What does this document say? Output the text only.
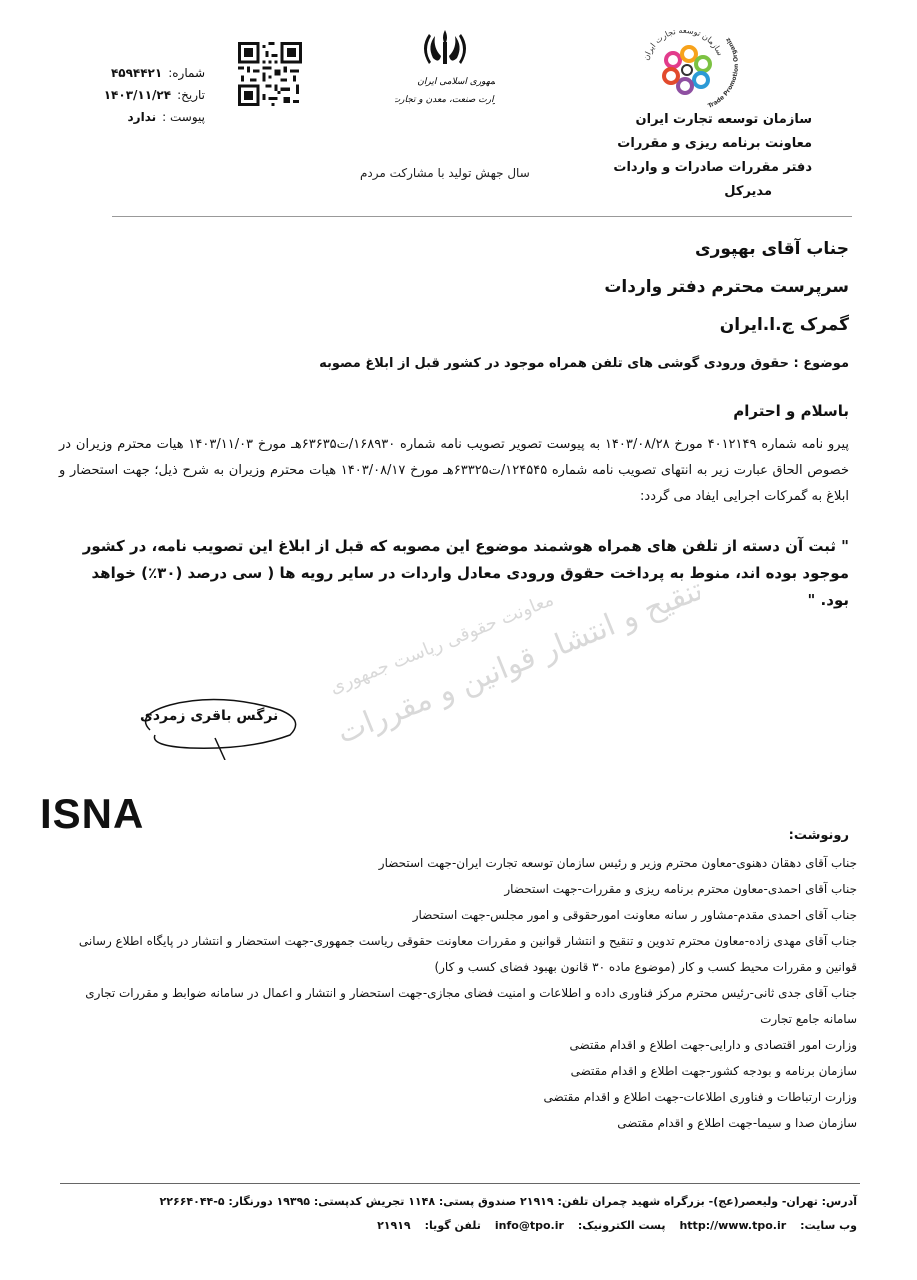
سازمان توسعه تجارت ایران
Trade Promoti rganiz
سازمان توسعه تجارت ایران
معاونت برنامه ریزی و مقررات
دفتر مقررات صادرات و واردات
مدیرکل
جمهوری اسلامی ایران
وزارت صنعت، معدن و تجارت
شماره:
۴۵۹۴۴۲۱
تاریخ:
۱۴۰۳/۱۱/۲۴
پیوست :
ندارد
سال جهش تولید با مشارکت مردم
جناب آقای بهپوری
سرپرست محترم دفتر واردات
گمرک ج.ا.ایران
موضوع : حقوق ورودی گوشی های تلفن همراه موجود در کشور قبل از ابلاغ مصوبه
باسلام و احترام
پیرو نامه شماره ۴۰۱۲۱۴۹ مورخ ۱۴۰۳/۰۸/۲۸ به پیوست تصویر تصویب نامه شماره ۱۶۸۹۳۰/ت۶۳۶۳۵هـ مورخ ۱۴۰۳/۱۱/۰۳ هیات محترم وزیران در خصوص الحاق عبارت زیر به انتهای تصویب نامه شماره ۱۲۴۵۴۵/ت۶۳۳۲۵هـ مورخ ۱۴۰۳/۰۸/۱۷ هیات محترم وزیران به شرح ذیل؛ جهت استحضار و ابلاغ به گمرکات اجرایی ایفاد می گردد:
" ثبت آن دسته از تلفن های همراه هوشمند موضوع این مصوبه که قبل از ابلاغ این تصویب نامه، در کشور موجود بوده اند، منوط به پرداخت حقوق ورودی معادل واردات در سایر رویه ها ( سی درصد (۳۰٪) خواهد بود. "
تنقیح و انتشار قوانین و مقررات
معاونت حقوقی ریاست جمهوری
نرگس باقری زمردی
ISNA	رونوشت:
جناب آقای دهقان دهنوی-معاون محترم وزیر و رئیس سازمان توسعه تجارت ایران-جهت استحضار
جناب آقای احمدی-معاون محترم برنامه ریزی و مقررات-جهت استحضار
جناب آقای احمدی مقدم-مشاور ر سانه معاونت امورحقوقی و امور مجلس-جهت استحضار
جناب آقای مهدی زاده-معاون محترم تدوین و تنقیح و انتشار قوانین و مقررات معاونت حقوقی ریاست جمهوری-جهت استحضار و انتشار در پایگاه اطلاع رسانی قوانین و مقررات محیط کسب و کار (موضوع ماده ۳۰ قانون بهبود فضای کسب و کار)
جناب آقای جدی ثانی-رئیس محترم مرکز فناوری داده و اطلاعات و امنیت فضای مجازی-جهت استحضار و انتشار و اعمال در سامانه ضوابط و مقررات تجاری سامانه جامع تجارت
وزارت امور اقتصادی و دارایی-جهت اطلاع و اقدام مقتضی
سازمان برنامه و بودجه کشور-جهت اطلاع و اقدام مقتضی
وزارت ارتباطات و فناوری اطلاعات-جهت اطلاع و اقدام مقتضی
سازمان صدا و سیما-جهت اطلاع و اقدام مقتضی
آدرس: تهران- ولیعصر(عج)- بزرگراه شهید چمران تلفن: ۲۱۹۱۹ صندوق پستی: ۱۱۴۸ تجریش کدپستی: ۱۹۳۹۵ دورنگار: ۵-۲۲۶۶۴۰۴۴
وب سایت:
http://www.tpo.ir
پست الکترونیک:
info@tpo.ir
تلفن گویا:
۲۱۹۱۹
